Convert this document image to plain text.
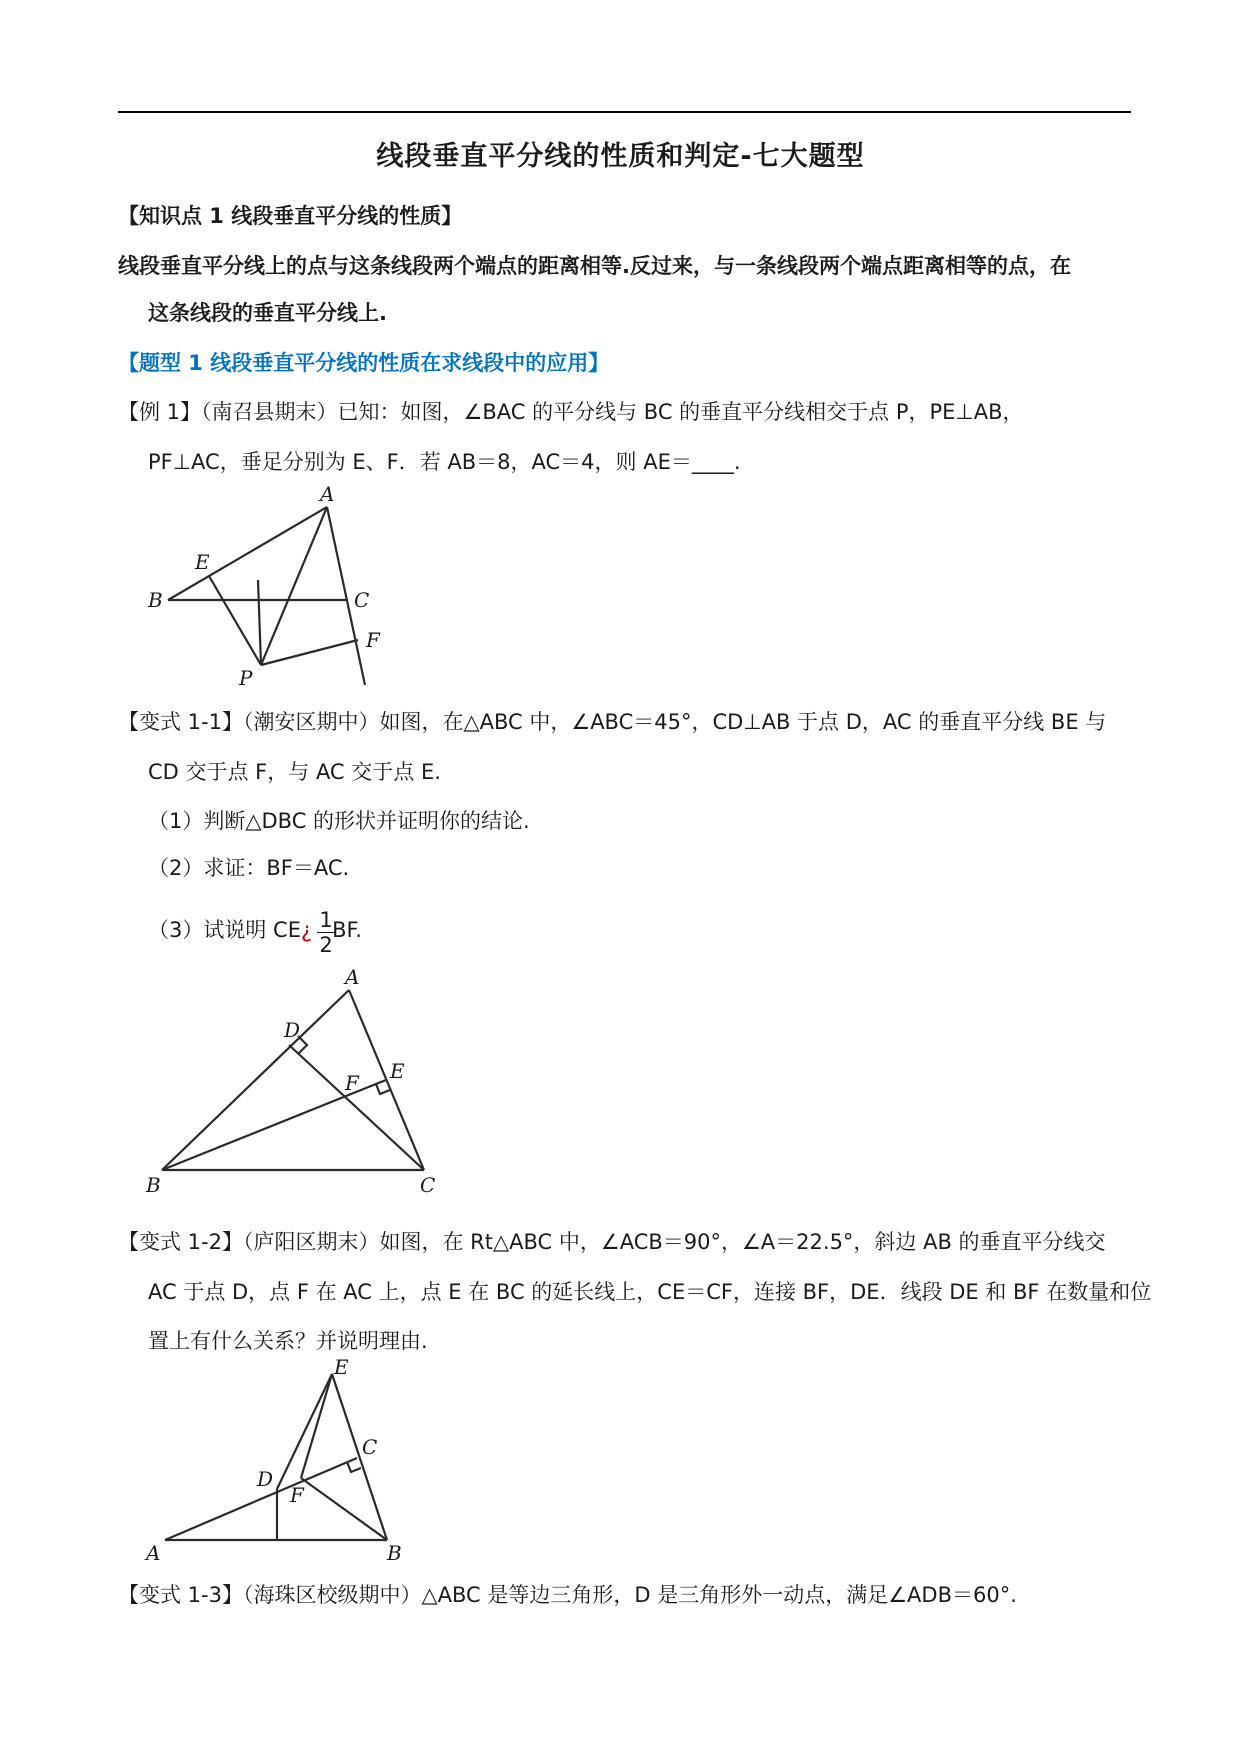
线段垂直平分线的性质和判定-七大题型
【知识点 1 线段垂直平分线的性质】
线段垂直平分线上的点与这条线段两个端点的距离相等.反过来，与一条线段两个端点距离相等的点，在
这条线段的垂直平分线上.
【题型 1 线段垂直平分线的性质在求线段中的应用】
【例 1】（南召县期末）已知：如图，∠BAC 的平分线与 BC 的垂直平分线相交于点 P，PE⊥AB，
PF⊥AC，垂足分别为 E、F．若 AB＝8，AC＝4，则 AE＝____.
A
B	C
E
F
P
【变式 1-1】（潮安区期中）如图，在△ABC 中，∠ABC＝45°，CD⊥AB 于点 D，AC 的垂直平分线 BE 与
CD 交于点 F，与 AC 交于点 E.
（1）判断△DBC 的形状并证明你的结论.
（2）求证：BF＝AC.
（3）试说明 CE¿ BF.
$\frac{1}{2}$
A
B	C
D
E
F
【变式 1-2】（庐阳区期末）如图，在 Rt△ABC 中，∠ACB＝90°，∠A＝22.5°，斜边 AB 的垂直平分线交
AC 于点 D，点 F 在 AC 上，点 E 在 BC 的延长线上，CE＝CF，连接 BF，DE．线段 DE 和 BF 在数量和位
置上有什么关系？并说明理由.
A	B
C
D
E
F
【变式 1-3】（海珠区校级期中）△ABC 是等边三角形，D 是三角形外一动点，满足∠ADB＝60°.
